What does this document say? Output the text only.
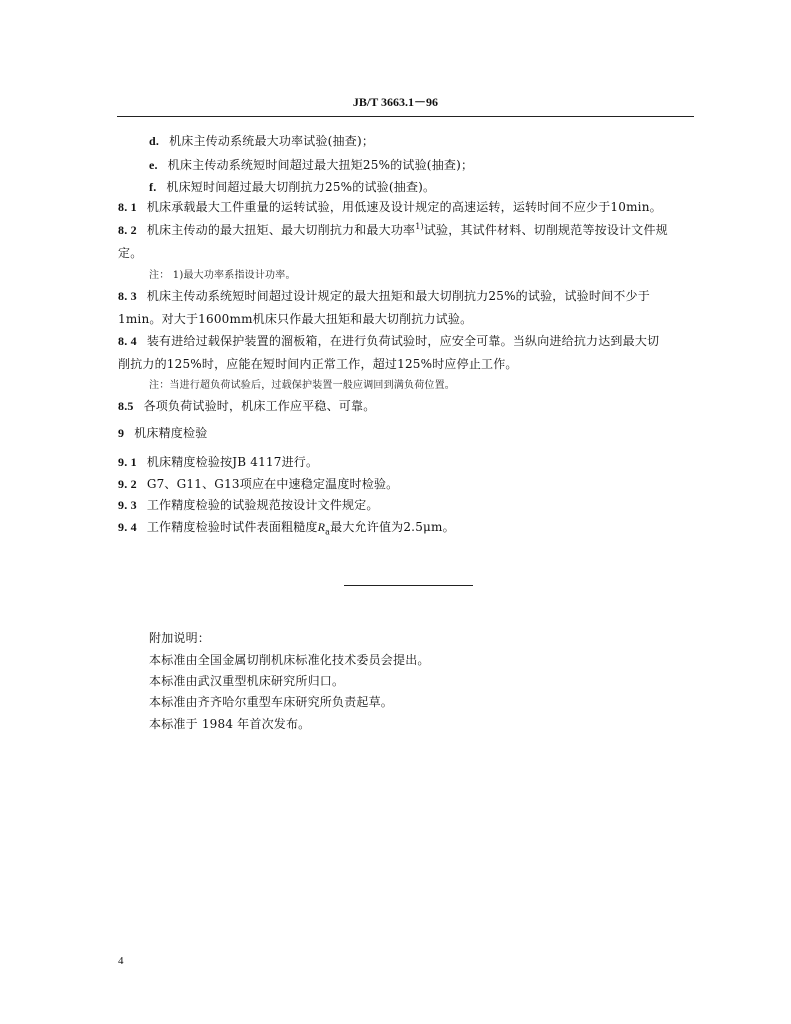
JB/T 3663.1－96
d. 机床主传动系统最大功率试验(抽查)；
e. 机床主传动系统短时间超过最大扭矩25%的试验(抽查)；
f. 机床短时间超过最大切削抗力25%的试验(抽查)。
8. 1 机床承载最大工件重量的运转试验，用低速及设计规定的高速运转，运转时间不应少于10min。
8. 2 机床主传动的最大扭矩、最大切削抗力和最大功率$^{1)}$试验，其试件材料、切削规范等按设计文件规
定。
注： 1)最大功率系指设计功率。
8. 3 机床主传动系统短时间超过设计规定的最大扭矩和最大切削抗力25%的试验，试验时间不少于
1min。对大于1600mm机床只作最大扭矩和最大切削抗力试验。
8. 4 装有进给过载保护装置的溜板箱，在进行负荷试验时，应安全可靠。当纵向进给抗力达到最大切
削抗力的125%时，应能在短时间内正常工作，超过125%时应停止工作。
注：当进行超负荷试验后，过载保护装置一般应调回到满负荷位置。
8.5 各项负荷试验时，机床工作应平稳、可靠。
9 机床精度检验
9. 1 机床精度检验按JB 4117进行。
9. 2 G7、G11、G13项应在中速稳定温度时检验。
9. 3 工作精度检验的试验规范按设计文件规定。
9. 4 工作精度检验时试件表面粗糙度$R_a$最大允许值为2.5μm。
附加说明：
本标准由全国金属切削机床标准化技术委员会提出。
本标准由武汉重型机床研究所归口。
本标准由齐齐哈尔重型车床研究所负责起草。
本标准于 1984 年首次发布。
4
